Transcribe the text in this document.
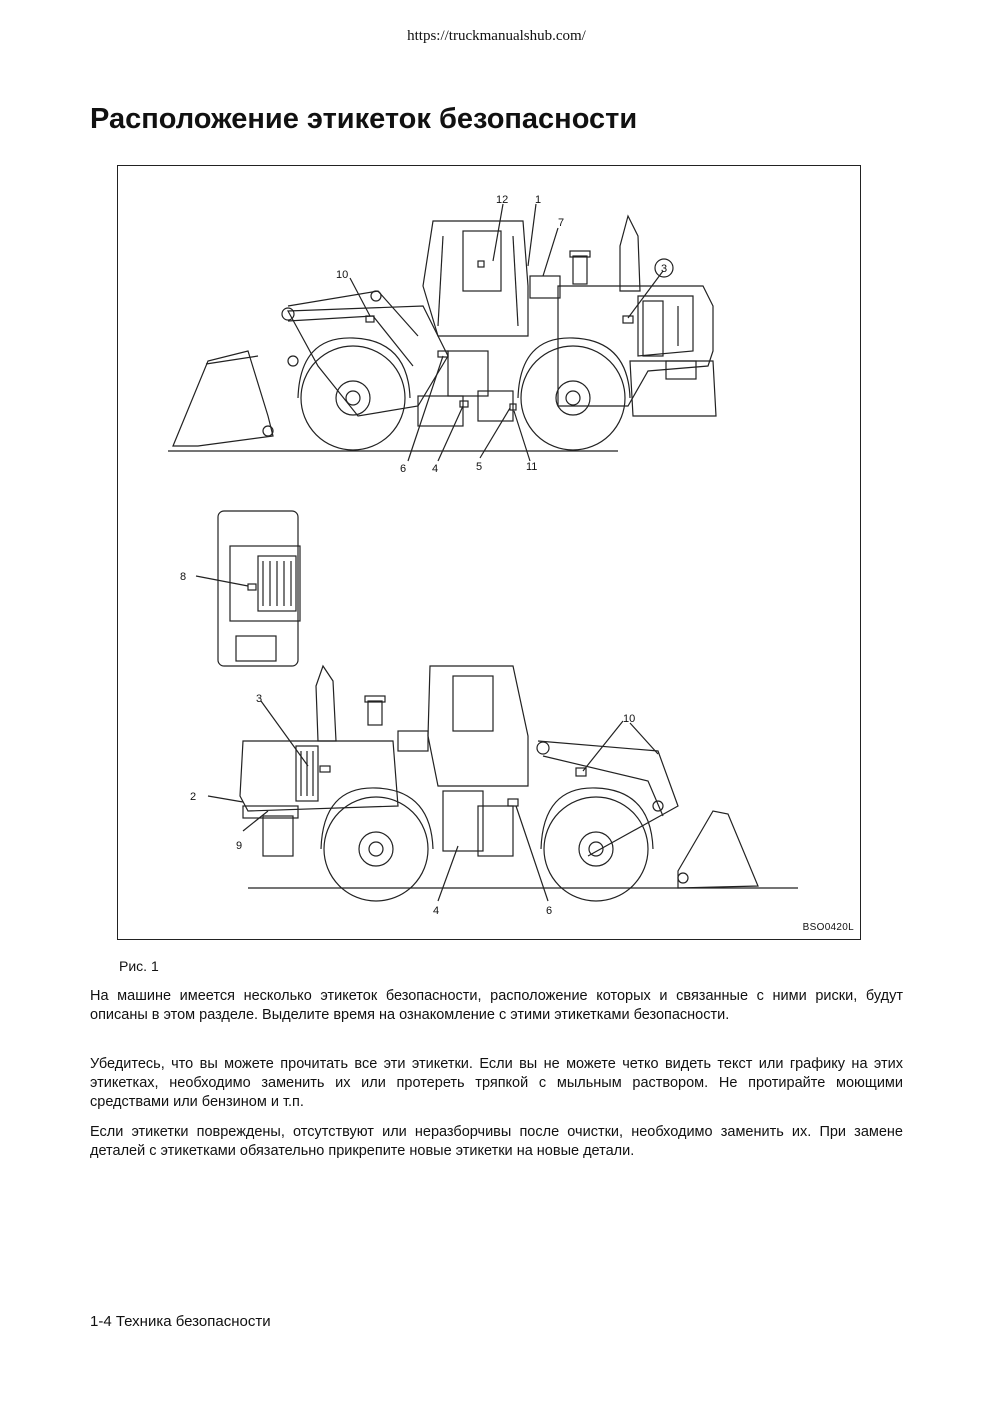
https://truckmanualshub.com/
Расположение этикеток безопасности
12 1
7
10	3
6 4	5	11
8
3
10
2
9
4	6
BSO0420L
Рис. 1

На машине имеется несколько этикеток безопасности, расположение которых и связанные с ними риски, будут описаны в этом разделе. Выделите время на ознакомление с этими этикетками безопасности.

Убедитесь, что вы можете прочитать все эти этикетки. Если вы не можете четко видеть текст или графику на этих этикетках, необходимо заменить их или протереть тряпкой с мыльным раствором. Не протирайте моющими средствами или бензином и т.п.

Если этикетки повреждены, отсутствуют или неразборчивы после очистки, необходимо заменить их. При замене деталей с этикетками обязательно прикрепите новые этикетки на новые детали.

1-4 Техника безопасности
